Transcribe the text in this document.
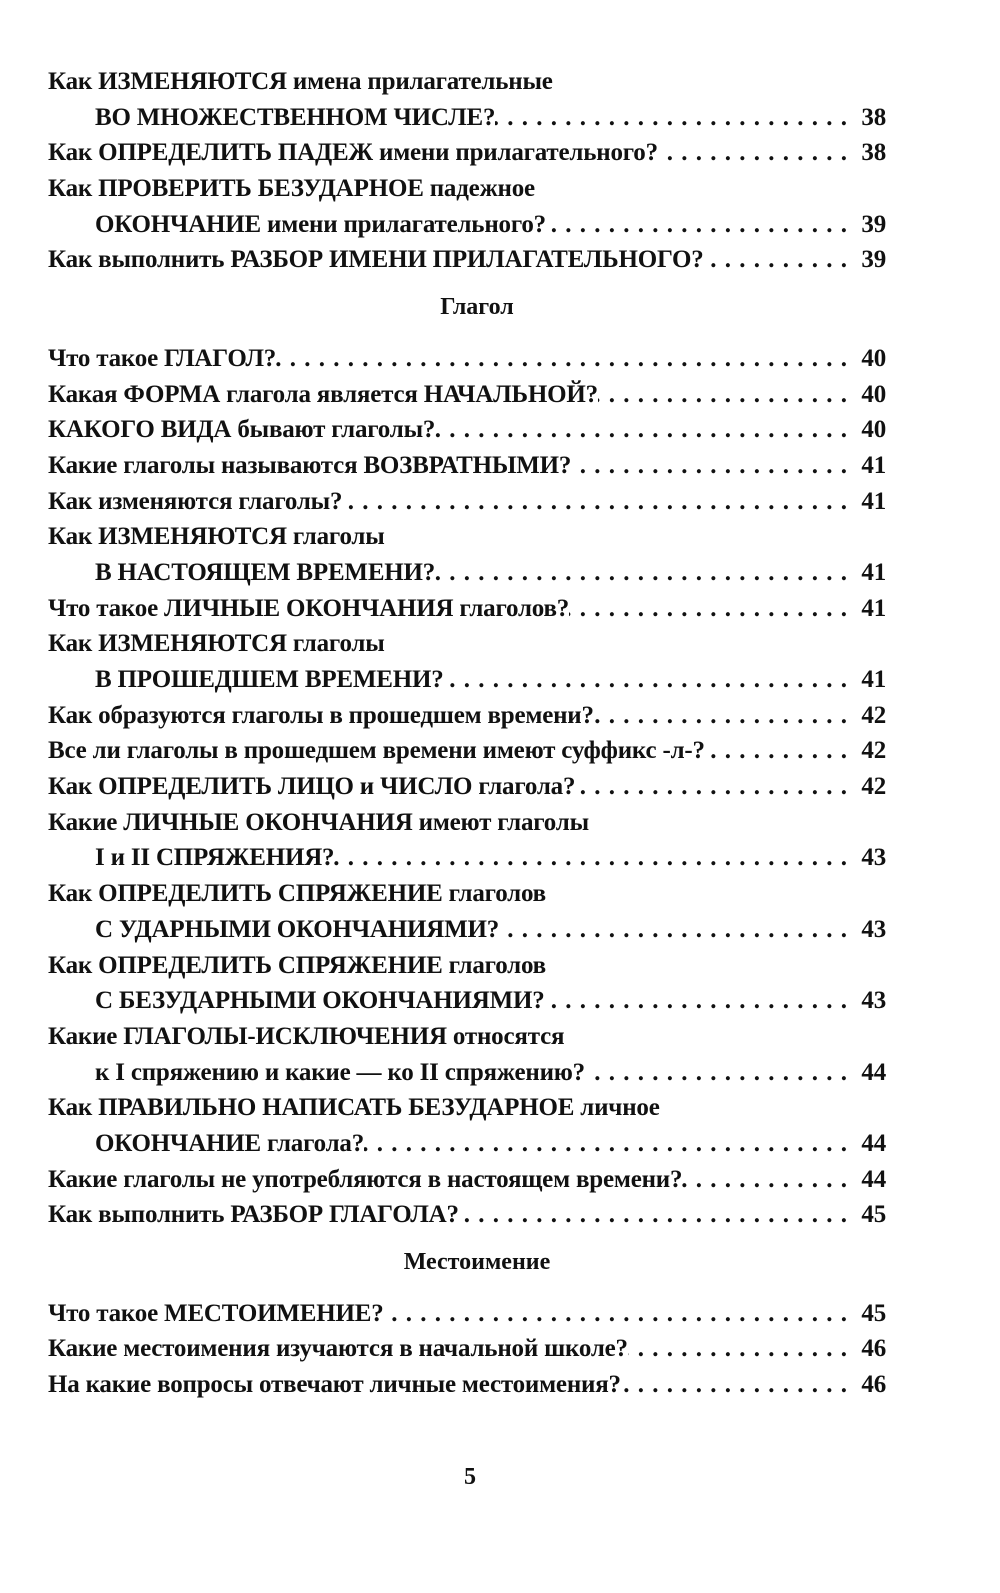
Как ИЗМЕНЯЮТСЯ имена прилагательные
ВО МНОЖЕСТВЕННОМ ЧИСЛЕ? . . .	38
Как ОПРЕДЕЛИТЬ ПАДЕЖ имени прилагательного? . . .	38
Как ПРОВЕРИТЬ БЕЗУДАРНОЕ падежное
ОКОНЧАНИЕ имени прилагательного? . . .	39
Как выполнить РАЗБОР ИМЕНИ ПРИЛАГАТЕЛЬНОГО? . . .	39
Глагол
Что такое ГЛАГОЛ? . . .	40
Какая ФОРМА глагола является НАЧАЛЬНОЙ? . . .	40
КАКОГО ВИДА бывают глаголы? . . .	40
Какие глаголы называются ВОЗВРАТНЫМИ? . . .	41
Как изменяются глаголы? . . .	41
Как ИЗМЕНЯЮТСЯ глаголы
В НАСТОЯЩЕМ ВРЕМЕНИ? . . .	41
Что такое ЛИЧНЫЕ ОКОНЧАНИЯ глаголов? . . .	41
Как ИЗМЕНЯЮТСЯ глаголы
В ПРОШЕДШЕМ ВРЕМЕНИ? . . .	41
Как образуются глаголы в прошедшем времени? . . .	42
Все ли глаголы в прошедшем времени имеют суффикс -л-? . . .	42
Как ОПРЕДЕЛИТЬ ЛИЦО и ЧИСЛО глагола? . . .	42
Какие ЛИЧНЫЕ ОКОНЧАНИЯ имеют глаголы
I и II СПРЯЖЕНИЯ? . . .	43
Как ОПРЕДЕЛИТЬ СПРЯЖЕНИЕ глаголов
С УДАРНЫМИ ОКОНЧАНИЯМИ? . . .	43
Как ОПРЕДЕЛИТЬ СПРЯЖЕНИЕ глаголов
С БЕЗУДАРНЫМИ ОКОНЧАНИЯМИ? . . .	43
Какие ГЛАГОЛЫ-ИСКЛЮЧЕНИЯ относятся
к I спряжению и какие — ко II спряжению? . . .	44
Как ПРАВИЛЬНО НАПИСАТЬ БЕЗУДАРНОЕ личное
ОКОНЧАНИЕ глагола? . . .	44
Какие глаголы не употребляются в настоящем времени? . . .	44
Как выполнить РАЗБОР ГЛАГОЛА? . . .	45
Местоимение
Что такое МЕСТОИМЕНИЕ? . . .	45
Какие местоимения изучаются в начальной школе? . . .	46
На какие вопросы отвечают личные местоимения? . . .	46
5
